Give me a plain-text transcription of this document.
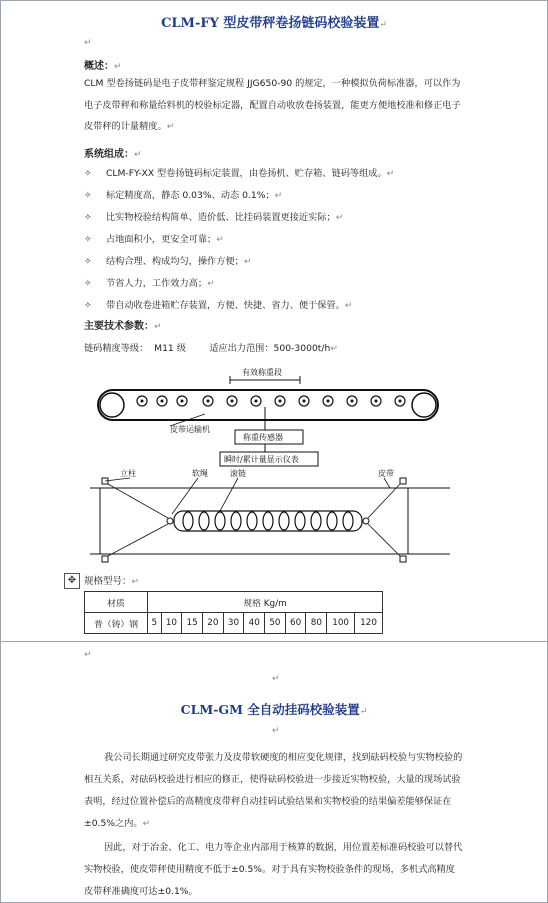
CLM-FY 型皮带秤卷扬链码校验装置↵
↵
概述：↵
CLM 型卷扬链码是电子皮带秤鉴定规程 JJG650-90 的规定，一种模拟负荷标准器，可以作为电子皮带秤和称量给料机的校验标定器，配置自动收放卷扬装置，能更方便地校准和修正电子皮带秤的计量精度。↵
系统组成：↵
✧ CLM-FY-XX 型卷扬链码标定装置，由卷扬机、贮存箱、链码等组成。↵
✧ 标定精度高，静态 0.03%、动态 0.1%；↵
✧ 比实物校验结构简单、造价低、比挂码装置更接近实际；↵
✧ 占地面积小，更安全可靠；↵
✧ 结构合理、构成均匀，操作方便；↵
✧ 节省人力，工作效力高；↵
✧ 带自动收卷进箱贮存装置，方便、快捷、省力、便于保管。↵
主要技术参数：↵
链码精度等级：  M11 级        适应出力范围：500-3000t/h↵
有效称重段
皮带运输机
称重传感器
瞬时/累计量显示仪表
立柱	软绳	滚链	皮带
✥ 规格型号：↵
材质	规格 Kg/m										
普（铸）钢	5	10	15	20	30	40	50	60	80	100	120
↵
↵
CLM-GM 全自动挂码校验装置↵
↵
我公司长期通过研究皮带张力及皮带软硬度的相应变化规律，找到砝码校验与实物校验的相互关系，对砝码校验进行相应的修正，使得砝码校验进一步接近实物校验，大量的现场试验表明，经过位置补偿后的高精度皮带秤自动挂码试验结果和实物校验的结果偏差能够保证在±0.5%之内。↵
因此，对于冶金、化工、电力等企业内部用于核算的数据，用位置差标准码校验可以替代实物校验，使皮带秤使用精度不低于±0.5%。对于具有实物校验条件的现场，多机式高精度皮带秤准确度可达±0.1%。
